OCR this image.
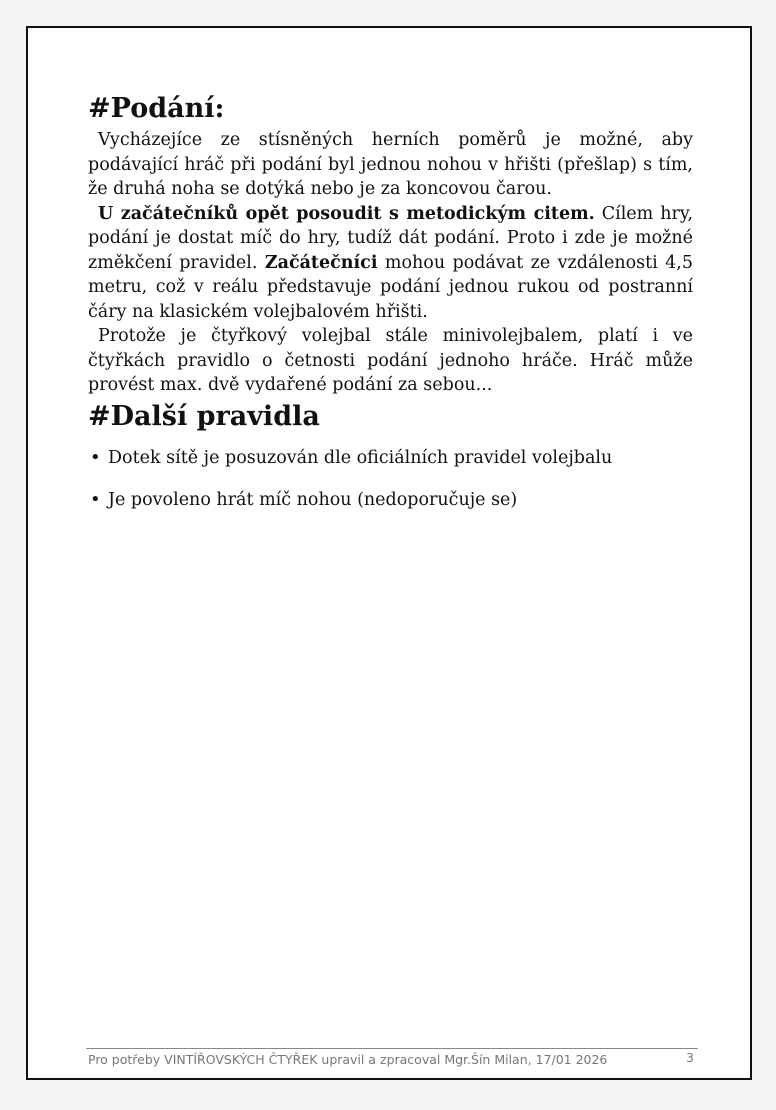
#Podání:

Vycházejíce ze stísněných herních poměrů je možné, aby podávající hráč při podání byl jednou nohou v hřišti (přešlap) s tím, že druhá noha se dotýká nebo je za koncovou čarou.

U začátečníků opět posoudit s metodickým citem. Cílem hry, podání je dostat míč do hry, tudíž dát podání. Proto i zde je možné změkčení pravidel. Začátečníci mohou podávat ze vzdálenosti 4,5 metru, což v reálu představuje podání jednou rukou od postranní čáry na klasickém volejbalovém hřišti.

Protože je čtyřkový volejbal stále minivolejbalem, platí i ve čtyřkách pravidlo o četnosti podání jednoho hráče. Hráč může provést max. dvě vydařené podání za sebou...

#Další pravidla
• Dotek sítě je posuzován dle oficiálních pravidel volejbalu
• Je povoleno hrát míč nohou (nedoporučuje se)
Pro potřeby VINTÍŘOVSKÝCH ČTYŘEK upravil a zpracoval Mgr.Šín Milan, 17/01 2026	3
